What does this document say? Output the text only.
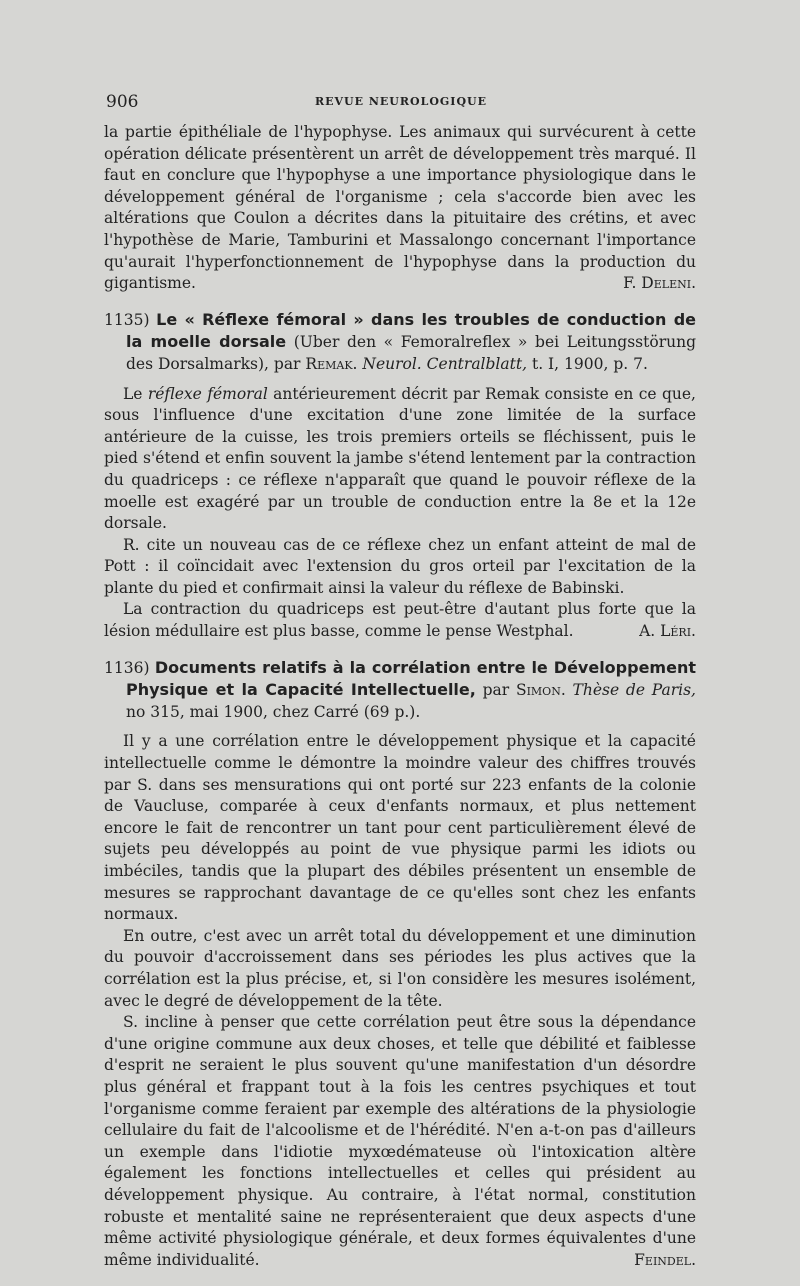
906	REVUE NEUROLOGIQUE

la partie épithéliale de l'hypophyse. Les animaux qui survécurent à cette opération délicate présentèrent un arrêt de développement très marqué. Il faut en conclure que l'hypophyse a une importance physiologique dans le développement général de l'organisme ; cela s'accorde bien avec les altérations que Coulon a décrites dans la pituitaire des crétins, et avec l'hypothèse de Marie, Tamburini et Massalongo concernant l'importance qu'aurait l'hyperfonctionnement de l'hypophyse dans la production du gigantisme.	F. Deleni.

1135) Le « Réflexe fémoral » dans les troubles de conduction de la moelle dorsale (Uber den « Femoralreflex » bei Leitungsstörung des Dorsalmarks), par Remak. Neurol. Centralblatt, t. I, 1900, p. 7.

Le réflexe fémoral antérieurement décrit par Remak consiste en ce que, sous l'influence d'une excitation d'une zone limitée de la surface antérieure de la cuisse, les trois premiers orteils se fléchissent, puis le pied s'étend et enfin souvent la jambe s'étend lentement par la contraction du quadriceps : ce réflexe n'apparaît que quand le pouvoir réflexe de la moelle est exagéré par un trouble de conduction entre la 8e et la 12e dorsale.

R. cite un nouveau cas de ce réflexe chez un enfant atteint de mal de Pott : il coïncidait avec l'extension du gros orteil par l'excitation de la plante du pied et confirmait ainsi la valeur du réflexe de Babinski.

La contraction du quadriceps est peut-être d'autant plus forte que la lésion médullaire est plus basse, comme le pense Westphal.	A. Léri.

1136) Documents relatifs à la corrélation entre le Développement Physique et la Capacité Intellectuelle, par Simon. Thèse de Paris, no 315, mai 1900, chez Carré (69 p.).

Il y a une corrélation entre le développement physique et la capacité intellectuelle comme le démontre la moindre valeur des chiffres trouvés par S. dans ses mensurations qui ont porté sur 223 enfants de la colonie de Vaucluse, comparée à ceux d'enfants normaux, et plus nettement encore le fait de rencontrer un tant pour cent particulièrement élevé de sujets peu développés au point de vue physique parmi les idiots ou imbéciles, tandis que la plupart des débiles présentent un ensemble de mesures se rapprochant davantage de ce qu'elles sont chez les enfants normaux.

En outre, c'est avec un arrêt total du développement et une diminution du pouvoir d'accroissement dans ses périodes les plus actives que la corrélation est la plus précise, et, si l'on considère les mesures isolément, avec le degré de développement de la tête.

S. incline à penser que cette corrélation peut être sous la dépendance d'une origine commune aux deux choses, et telle que débilité et faiblesse d'esprit ne seraient le plus souvent qu'une manifestation d'un désordre plus général et frappant tout à la fois les centres psychiques et tout l'organisme comme feraient par exemple des altérations de la physiologie cellulaire du fait de l'alcoolisme et de l'hérédité. N'en a-t-on pas d'ailleurs un exemple dans l'idiotie myxœdémateuse où l'intoxication altère également les fonctions intellectuelles et celles qui président au développement physique. Au contraire, à l'état normal, constitution robuste et mentalité saine ne représenteraient que deux aspects d'une même activité physiologique générale, et deux formes équivalentes d'une même individualité.	Feindel.
